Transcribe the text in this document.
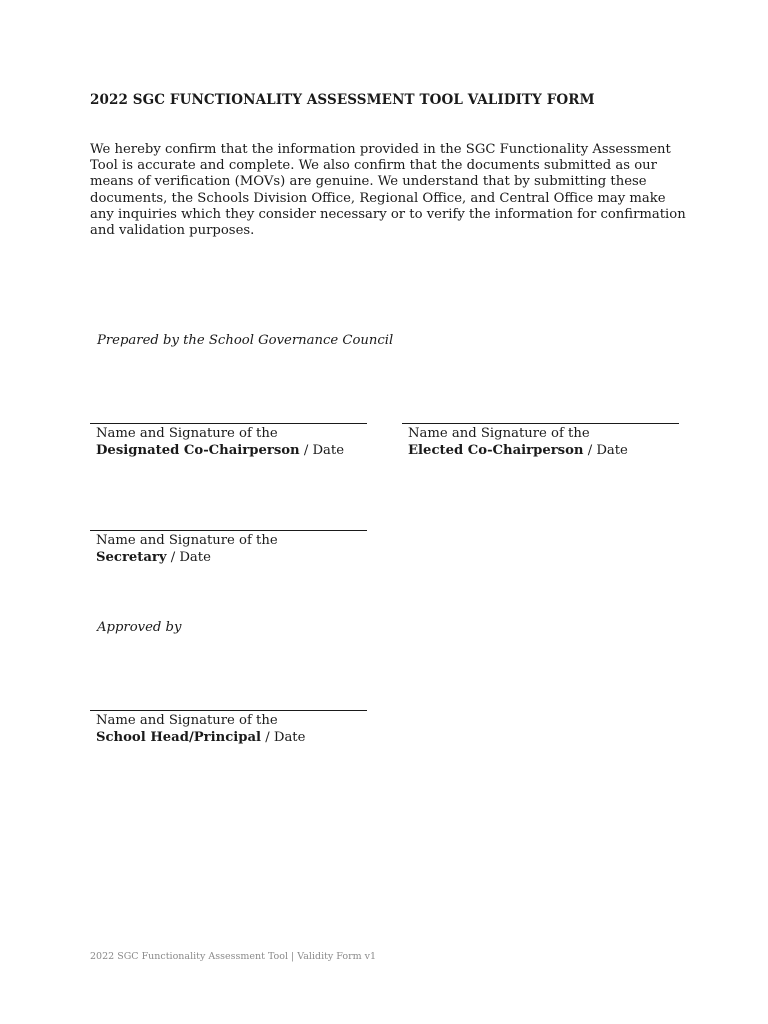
2022 SGC FUNCTIONALITY ASSESSMENT TOOL VALIDITY FORM
We hereby confirm that the information provided in the SGC Functionality Assessment Tool is accurate and complete. We also confirm that the documents submitted as our means of verification (MOVs) are genuine. We understand that by submitting these documents, the Schools Division Office, Regional Office, and Central Office may make any inquiries which they consider necessary or to verify the information for confirmation and validation purposes.
Prepared by the School Governance Council
Name and Signature of the
Designated Co-Chairperson / Date
Name and Signature of the
Elected Co-Chairperson / Date
Name and Signature of the
Secretary / Date
Approved by
Name and Signature of the
School Head/Principal / Date
2022 SGC Functionality Assessment Tool | Validity Form v1
